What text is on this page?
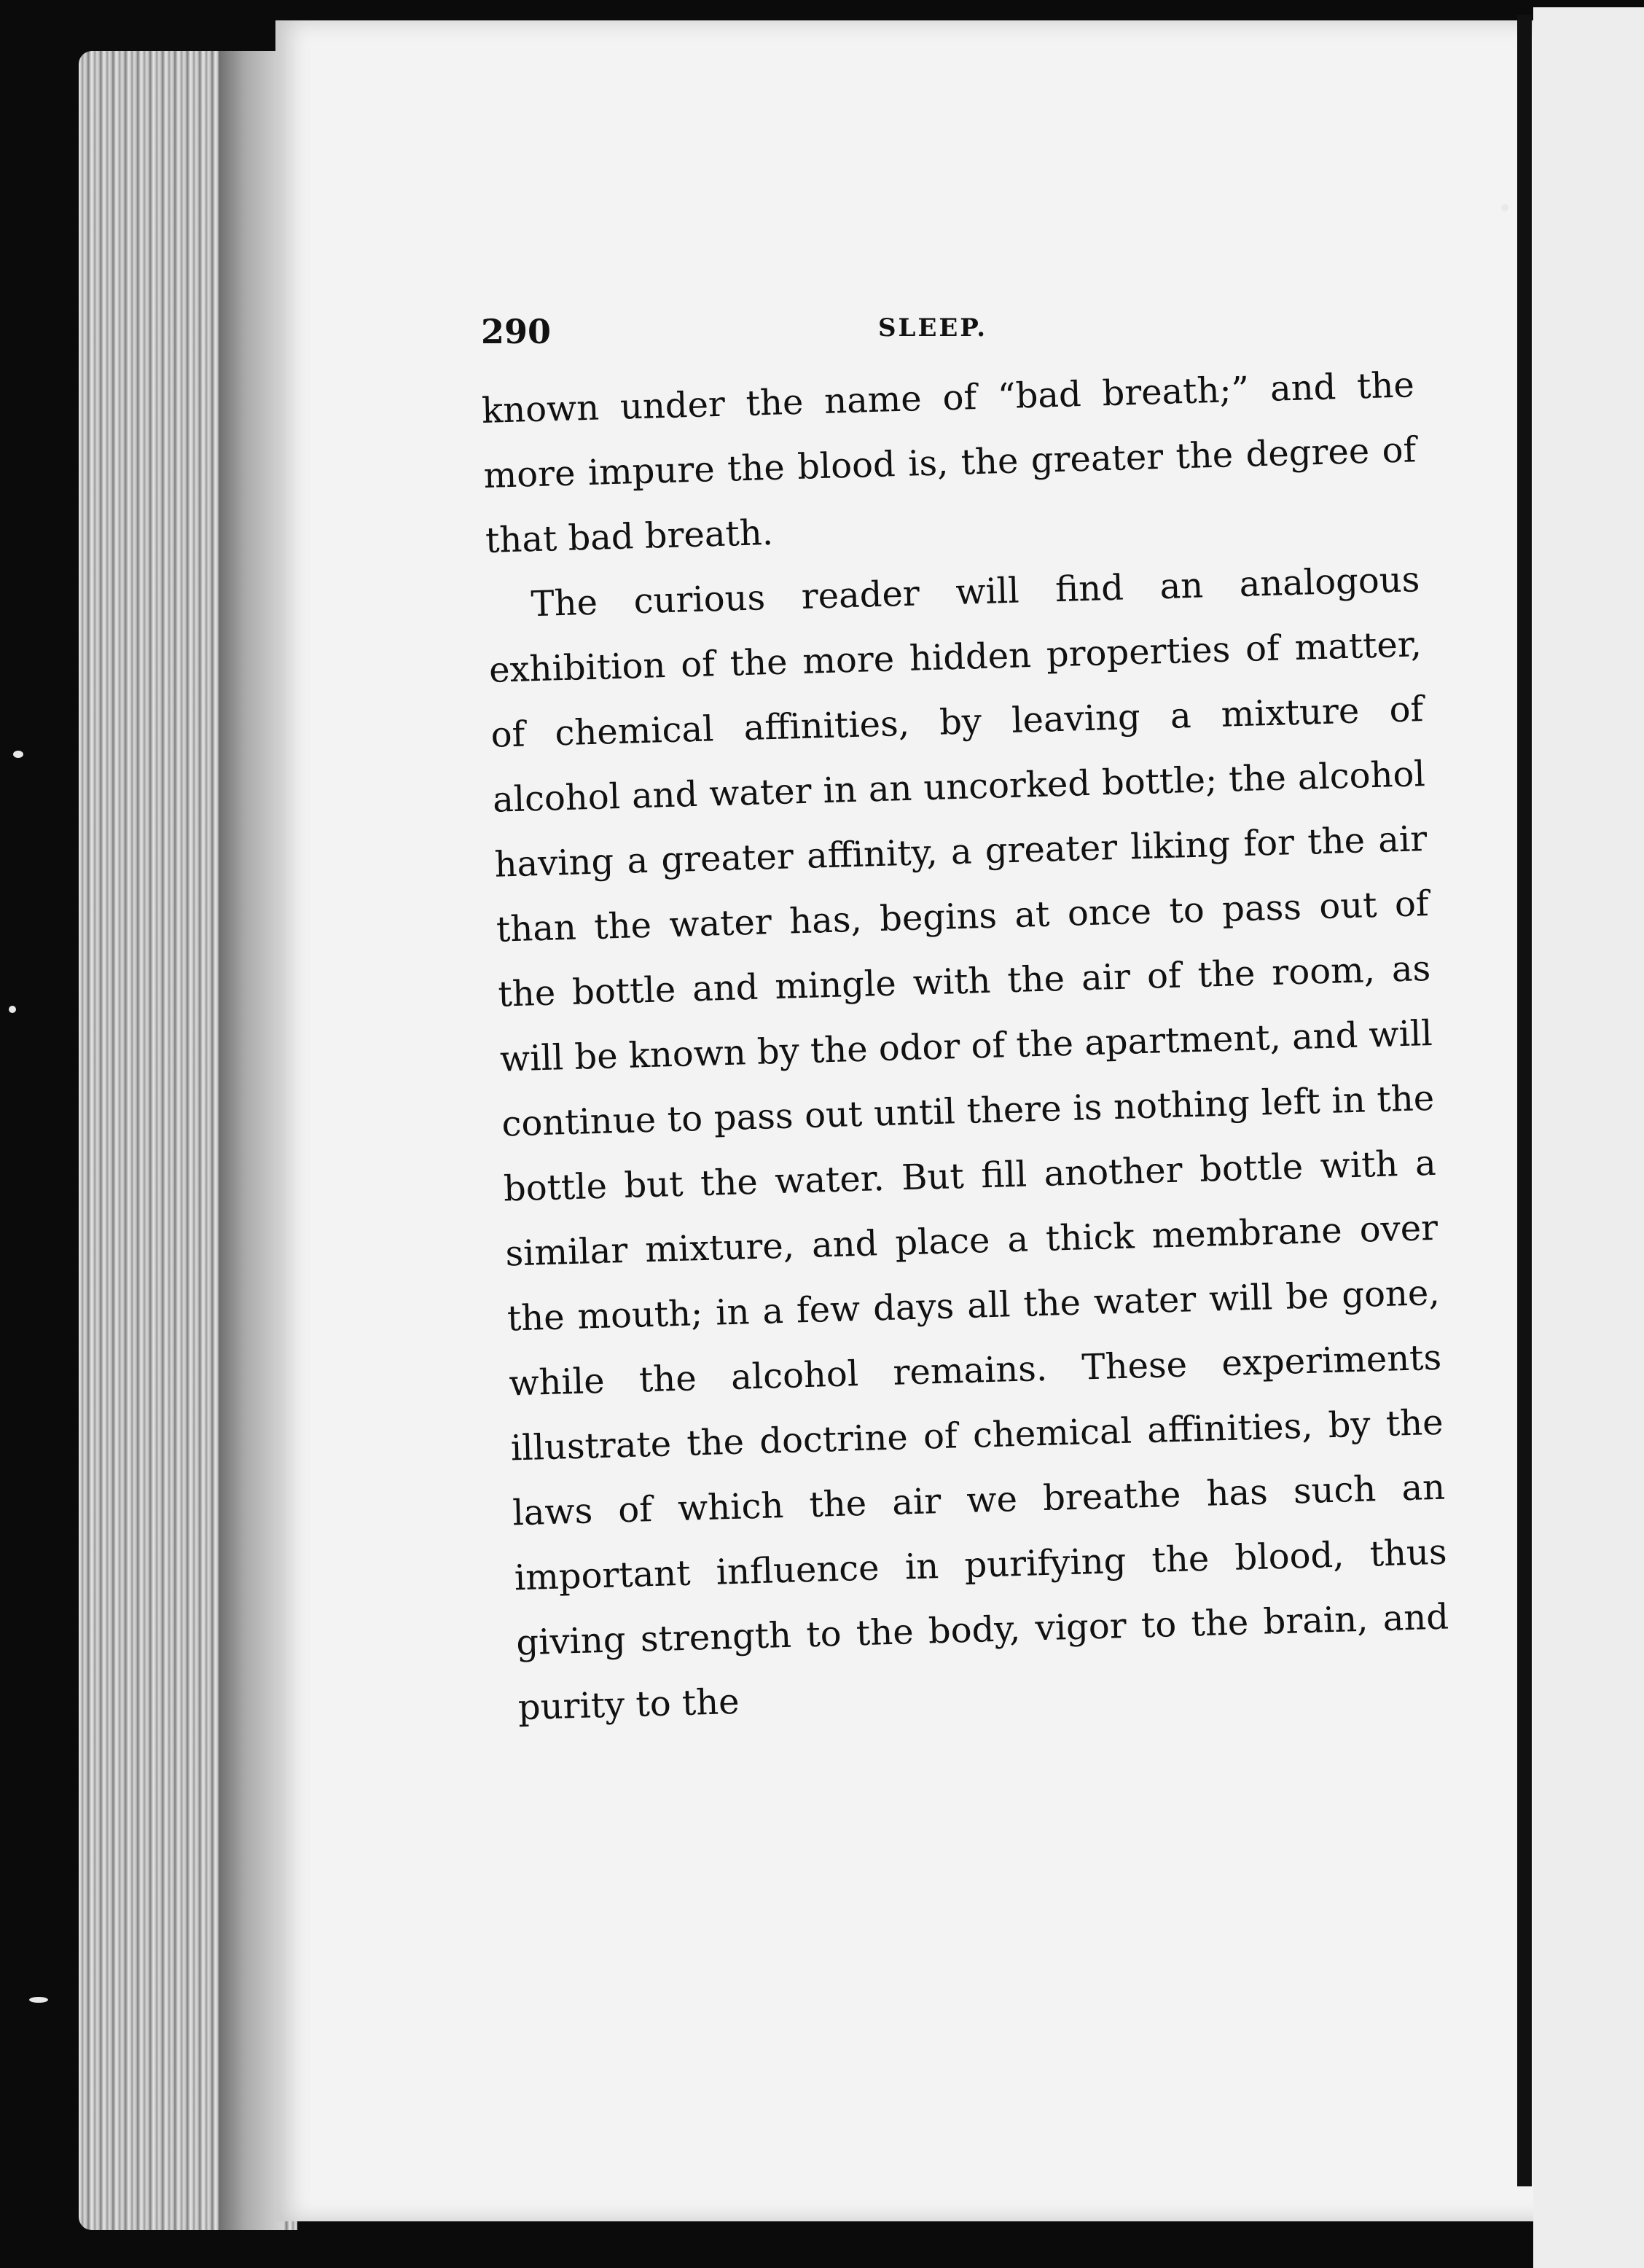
290	SLEEP.

known under the name of “bad breath;” and the more impure the blood is, the greater the degree of that bad breath.

The curious reader will find an analogous exhibition of the more hidden properties of matter, of chemical affinities, by leaving a mixture of alcohol and water in an uncorked bottle; the alcohol having a greater affinity, a greater liking for the air than the water has, begins at once to pass out of the bottle and mingle with the air of the room, as will be known by the odor of the apartment, and will continue to pass out until there is nothing left in the bottle but the water. But fill another bottle with a similar mixture, and place a thick membrane over the mouth; in a few days all the water will be gone, while the alcohol remains. These experiments illustrate the doctrine of chemical affinities, by the laws of which the air we breathe has such an important influence in purifying the blood, thus giving strength to the body, vigor to the brain, and purity to the
